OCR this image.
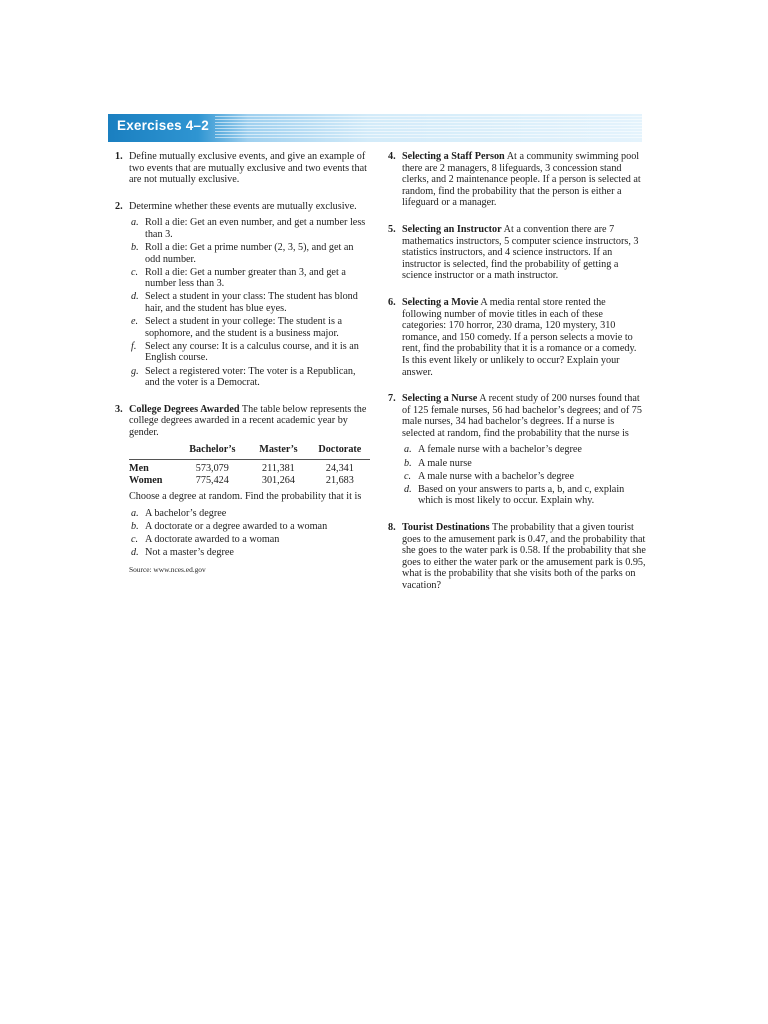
Exercises 4–2
1. Define mutually exclusive events, and give an example of two events that are mutually exclusive and two events that are not mutually exclusive.
2. Determine whether these events are mutually exclusive.
a. Roll a die: Get an even number, and get a number less than 3.
b. Roll a die: Get a prime number (2, 3, 5), and get an odd number.
c. Roll a die: Get a number greater than 3, and get a number less than 3.
d. Select a student in your class: The student has blond hair, and the student has blue eyes.
e. Select a student in your college: The student is a sophomore, and the student is a business major.
f. Select any course: It is a calculus course, and it is an English course.
g. Select a registered voter: The voter is a Republican, and the voter is a Democrat.
3. College Degrees Awarded The table below represents the college degrees awarded in a recent academic year by gender.
	Bachelor’s	Master’s	Doctorate
Men	573,079	211,381	24,341
Women	775,424	301,264	21,683
Choose a degree at random. Find the probability that it is
a. A bachelor’s degree
b. A doctorate or a degree awarded to a woman
c. A doctorate awarded to a woman
d. Not a master’s degree
Source: www.nces.ed.gov
4. Selecting a Staff Person At a community swimming pool there are 2 managers, 8 lifeguards, 3 concession stand clerks, and 2 maintenance people. If a person is selected at random, find the probability that the person is either a lifeguard or a manager.
5. Selecting an Instructor At a convention there are 7 mathematics instructors, 5 computer science instructors, 3 statistics instructors, and 4 science instructors. If an instructor is selected, find the probability of getting a science instructor or a math instructor.
6. Selecting a Movie A media rental store rented the following number of movie titles in each of these categories: 170 horror, 230 drama, 120 mystery, 310 romance, and 150 comedy. If a person selects a movie to rent, find the probability that it is a romance or a comedy. Is this event likely or unlikely to occur? Explain your answer.
7. Selecting a Nurse A recent study of 200 nurses found that of 125 female nurses, 56 had bachelor’s degrees; and of 75 male nurses, 34 had bachelor’s degrees. If a nurse is selected at random, find the probability that the nurse is
a. A female nurse with a bachelor’s degree
b. A male nurse
c. A male nurse with a bachelor’s degree
d. Based on your answers to parts a, b, and c, explain which is most likely to occur. Explain why.
8. Tourist Destinations The probability that a given tourist goes to the amusement park is 0.47, and the probability that she goes to the water park is 0.58. If the probability that she goes to either the water park or the amusement park is 0.95, what is the probability that she visits both of the parks on vacation?
